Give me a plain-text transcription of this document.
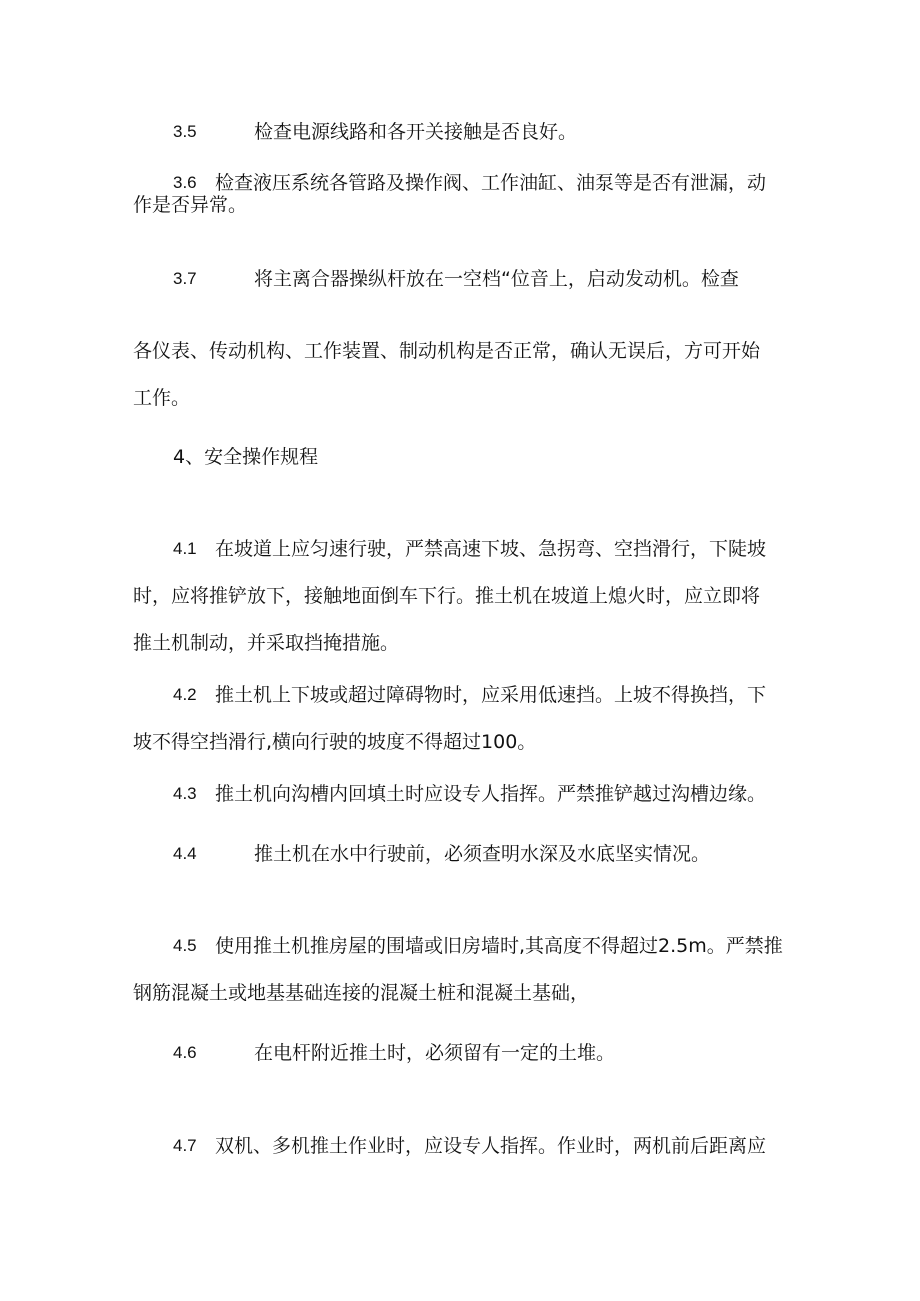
3.5	检查电源线路和各开关接触是否良好。
3.6 检查液压系统各管路及操作阀、工作油缸、油泵等是否有泄漏，动
作是否异常。
3.7	将主离合器操纵杆放在一空档“位音上，启动发动机。检查
各仪表、传动机构、工作装置、制动机构是否正常，确认无误后，方可开始
工作。
4、安全操作规程
4.1 在坡道上应匀速行驶，严禁高速下坡、急拐弯、空挡滑行，下陡坡
时，应将推铲放下，接触地面倒车下行。推土机在坡道上熄火时，应立即将
推土机制动，并采取挡掩措施。
4.2 推土机上下坡或超过障碍物时，应采用低速挡。上坡不得换挡，下
坡不得空挡滑行,横向行驶的坡度不得超过100。
4.3 推土机向沟槽内回填土时应设专人指挥。严禁推铲越过沟槽边缘。
4.4	推土机在水中行驶前，必须查明水深及水底坚实情况。
4.5 使用推土机推房屋的围墙或旧房墙时,其高度不得超过2.5m。严禁推
钢筋混凝土或地基基础连接的混凝土桩和混凝土基础，
4.6	在电杆附近推土时，必须留有一定的土堆。
4.7 双机、多机推土作业时，应设专人指挥。作业时，两机前后距离应
